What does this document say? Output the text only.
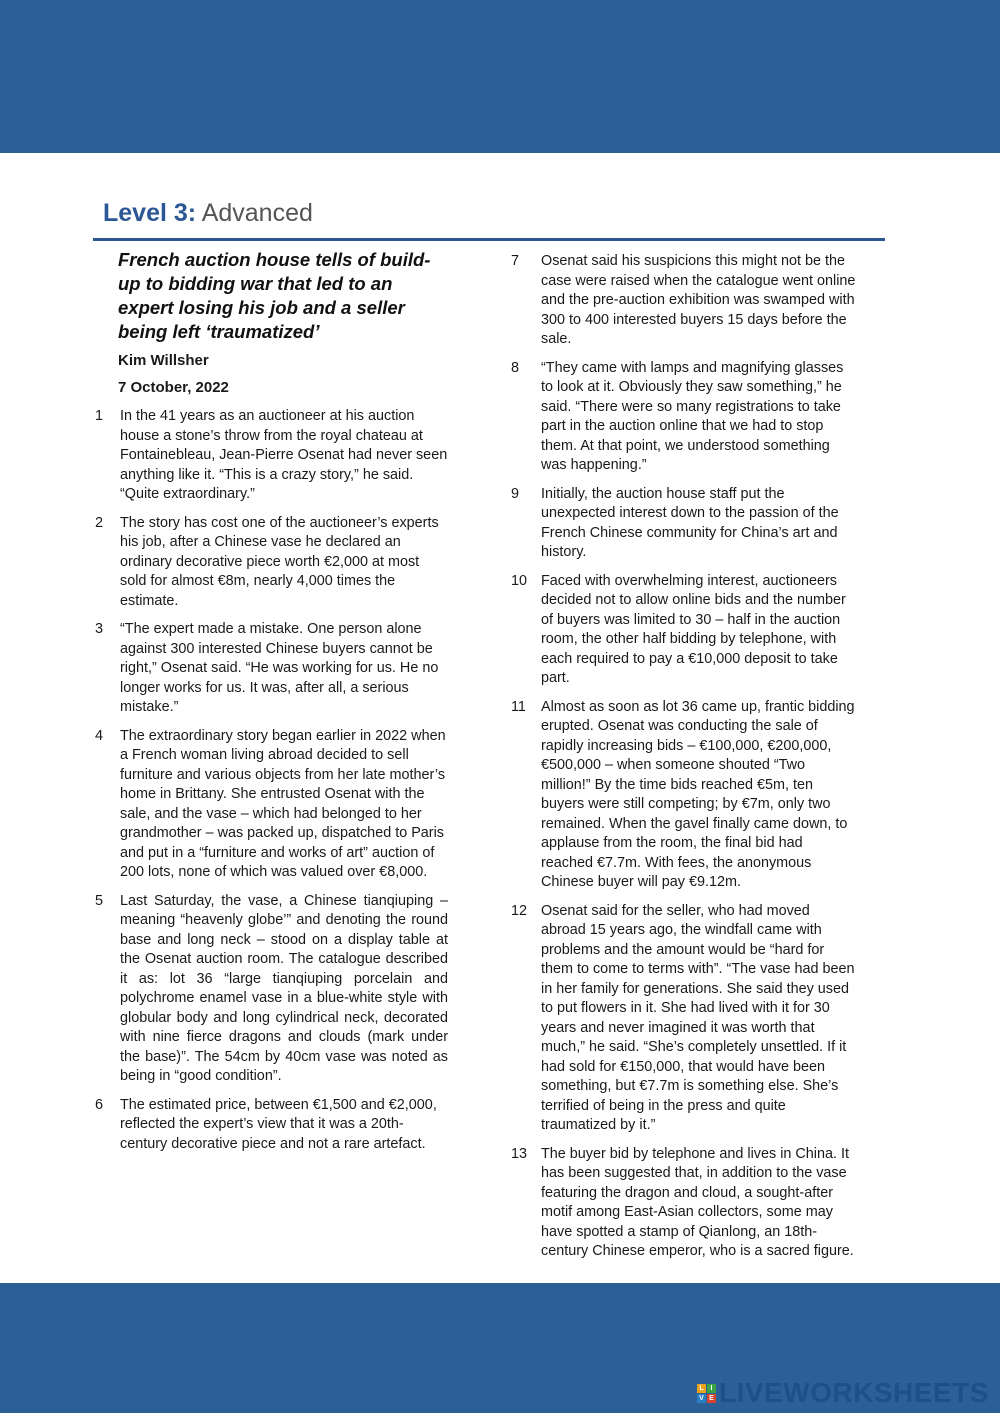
Level 3: Advanced
French auction house tells of build-up to bidding war that led to an expert losing his job and a seller being left ‘traumatized’
Kim Willsher
7 October, 2022
1	In the 41 years as an auctioneer at his auction house a stone’s throw from the royal chateau at Fontainebleau, Jean-Pierre Osenat had never seen anything like it. “This is a crazy story,” he said. “Quite extraordinary.”
2	The story has cost one of the auctioneer’s experts his job, after a Chinese vase he declared an ordinary decorative piece worth €2,000 at most sold for almost €8m, nearly 4,000 times the estimate.
3	“The expert made a mistake. One person alone against 300 interested Chinese buyers cannot be right,” Osenat said. “He was working for us. He no longer works for us. It was, after all, a serious mistake.”
4	The extraordinary story began earlier in 2022 when a French woman living abroad decided to sell furniture and various objects from her late mother’s home in Brittany. She entrusted Osenat with the sale, and the vase – which had belonged to her grandmother – was packed up, dispatched to Paris and put in a “furniture and works of art” auction of 200 lots, none of which was valued over €8,000.
5	Last Saturday, the vase, a Chinese tianqiuping – meaning “heavenly globe’” and denoting the round base and long neck – stood on a display table at the Osenat auction room. The catalogue described it as: lot 36 “large tianqiuping porcelain and polychrome enamel vase in a blue-white style with globular body and long cylindrical neck, decorated with nine fierce dragons and clouds (mark under the base)”. The 54cm by 40cm vase was noted as being in “good condition”.
6	The estimated price, between €1,500 and €2,000, reflected the expert’s view that it was a 20th-century decorative piece and not a rare artefact.
7	Osenat said his suspicions this might not be the case were raised when the catalogue went online and the pre-auction exhibition was swamped with 300 to 400 interested buyers 15 days before the sale.
8	“They came with lamps and magnifying glasses to look at it. Obviously they saw something,” he said. “There were so many registrations to take part in the auction online that we had to stop them. At that point, we understood something was happening.”
9	Initially, the auction house staff put the unexpected interest down to the passion of the French Chinese community for China’s art and history.
10 Faced with overwhelming interest, auctioneers decided not to allow online bids and the number of buyers was limited to 30 – half in the auction room, the other half bidding by telephone, with each required to pay a €10,000 deposit to take part.
11	Almost as soon as lot 36 came up, frantic bidding erupted. Osenat was conducting the sale of rapidly increasing bids – €100,000, €200,000, €500,000 – when someone shouted “Two million!” By the time bids reached €5m, ten buyers were still competing; by €7m, only two remained. When the gavel finally came down, to applause from the room, the final bid had reached €7.7m. With fees, the anonymous Chinese buyer will pay €9.12m.
12 Osenat said for the seller, who had moved abroad 15 years ago, the windfall came with problems and the amount would be “hard for them to come to terms with”. “The vase had been in her family for generations. She said they used to put flowers in it. She had lived with it for 30 years and never imagined it was worth that much,” he said. “She’s completely unsettled. If it had sold for €150,000, that would have been something, but €7.7m is something else. She’s terrified of being in the press and quite traumatized by it.”
13 The buyer bid by telephone and lives in China. It has been suggested that, in addition to the vase featuring the dragon and cloud, a sought-after motif among East-Asian collectors, some may have spotted a stamp of Qianlong, an 18th-century Chinese emperor, who is a sacred figure.
L I
V E LIVEWORKSHEETS
